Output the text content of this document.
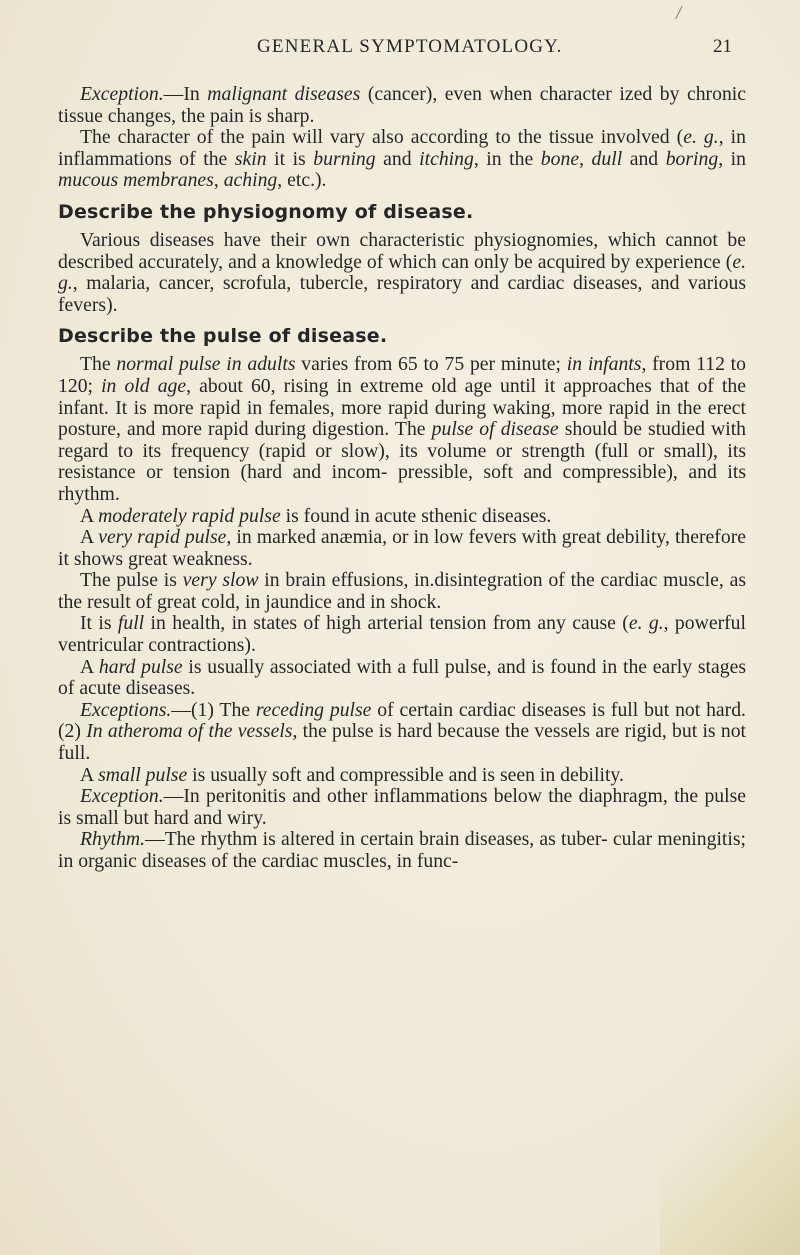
/
GENERAL SYMPTOMATOLOGY.	21

Exception.—In malignant diseases (cancer), even when character ized by chronic tissue changes, the pain is sharp.

The character of the pain will vary also according to the tissue involved (e. g., in inflammations of the skin it is burning and itching, in the bone, dull and boring, in mucous membranes, aching, etc.).

Describe the physiognomy of disease.

Various diseases have their own characteristic physiognomies, which cannot be described accurately, and a knowledge of which can only be acquired by experience (e. g., malaria, cancer, scrofula, tubercle, respiratory and cardiac diseases, and various fevers).

Describe the pulse of disease.

The normal pulse in adults varies from 65 to 75 per minute; in infants, from 112 to 120; in old age, about 60, rising in extreme old age until it approaches that of the infant. It is more rapid in females, more rapid during waking, more rapid in the erect posture, and more rapid during digestion. The pulse of disease should be studied with regard to its frequency (rapid or slow), its volume or strength (full or small), its resistance or tension (hard and incom- pressible, soft and compressible), and its rhythm.

A moderately rapid pulse is found in acute sthenic diseases.

A very rapid pulse, in marked anæmia, or in low fevers with great debility, therefore it shows great weakness.

The pulse is very slow in brain effusions, in.disintegration of the cardiac muscle, as the result of great cold, in jaundice and in shock.

It is full in health, in states of high arterial tension from any cause (e. g., powerful ventricular contractions).

A hard pulse is usually associated with a full pulse, and is found in the early stages of acute diseases.

Exceptions.—(1) The receding pulse of certain cardiac diseases is full but not hard. (2) In atheroma of the vessels, the pulse is hard because the vessels are rigid, but is not full.

A small pulse is usually soft and compressible and is seen in debility.

Exception.—In peritonitis and other inflammations below the diaphragm, the pulse is small but hard and wiry.

Rhythm.—The rhythm is altered in certain brain diseases, as tuber- cular meningitis; in organic diseases of the cardiac muscles, in func-
